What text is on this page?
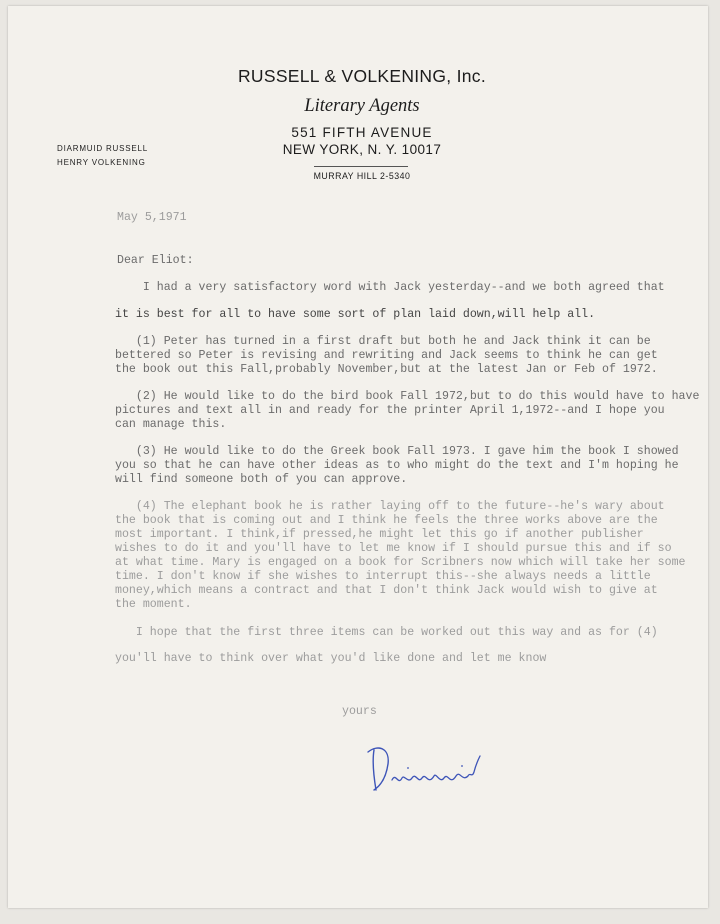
RUSSELL & VOLKENING, Inc.
Literary Agents
551 FIFTH AVENUE
NEW YORK, N. Y. 10017
MURRAY HILL 2-5340
DIARMUID RUSSELL
HENRY VOLKENING
May 5,1971
Dear Eliot:
I had a very satisfactory word with Jack yesterday--and we both agreed that
it is best for all to have some sort of plan laid down,will help all.
(1) Peter has turned in a first draft but both he and Jack think it can be
bettered so Peter is revising and rewriting and Jack seems to think he can get
the book out this Fall,probably November,but at the latest Jan or Feb of 1972.
(2) He would like to do the bird book Fall 1972,but to do this would have to have
pictures and text all in and ready for the printer April 1,1972--and I hope you
can manage this.
(3) He would like to do the Greek book Fall 1973. I gave him the book I showed
you so that he can have other ideas as to who might do the text and I'm hoping he
will find someone both of you can approve.
(4) The elephant book he is rather laying off to the future--he's wary about
the book that is coming out and I think he feels the three works above are the
most important. I think,if pressed,he might let this go if another publisher
wishes to do it and you'll have to let me know if I should pursue this and if so
at what time. Mary is engaged on a book for Scribners now which will take her some
time. I don't know if she wishes to interrupt this--she always needs a little
money,which means a contract and that I don't think Jack would wish to give at
the moment.
I hope that the first three items can be worked out this way and as for (4)
you'll have to think over what you'd like done and let me know
yours
